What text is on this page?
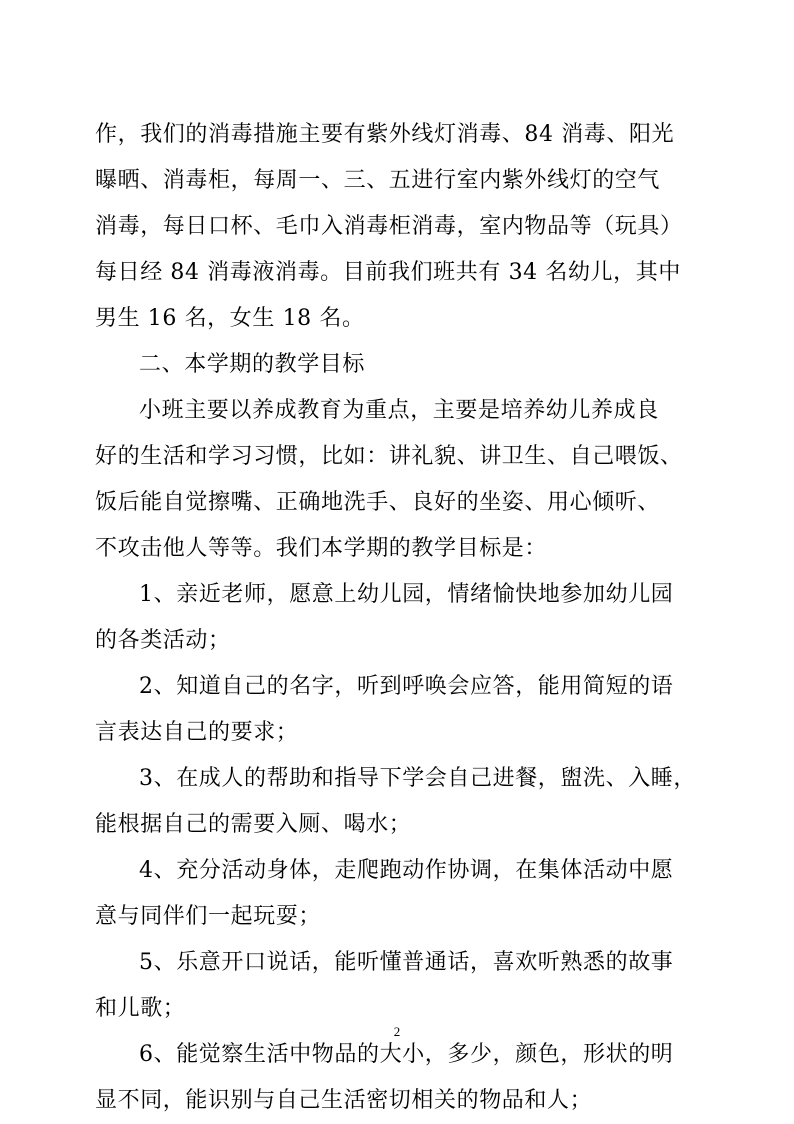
作，我们的消毒措施主要有紫外线灯消毒、84 消毒、阳光
曝晒、消毒柜，每周一、三、五进行室内紫外线灯的空气
消毒，每日口杯、毛巾入消毒柜消毒，室内物品等（玩具）
每日经 84 消毒液消毒。目前我们班共有 34 名幼儿，其中
男生 16 名，女生 18 名。
二、本学期的教学目标
小班主要以养成教育为重点，主要是培养幼儿养成良
好的生活和学习习惯，比如：讲礼貌、讲卫生、自己喂饭、
饭后能自觉擦嘴、正确地洗手、良好的坐姿、用心倾听、
不攻击他人等等。我们本学期的教学目标是：
1、亲近老师，愿意上幼儿园，情绪愉快地参加幼儿园
的各类活动；
2、知道自己的名字，听到呼唤会应答，能用简短的语
言表达自己的要求；
3、在成人的帮助和指导下学会自己进餐，盥洗、入睡，
能根据自己的需要入厕、喝水；
4、充分活动身体，走爬跑动作协调，在集体活动中愿
意与同伴们一起玩耍；
5、乐意开口说话，能听懂普通话，喜欢听熟悉的故事
和儿歌；
6、能觉察生活中物品的大小，多少，颜色，形状的明
显不同，能识别与自己生活密切相关的物品和人；
2
